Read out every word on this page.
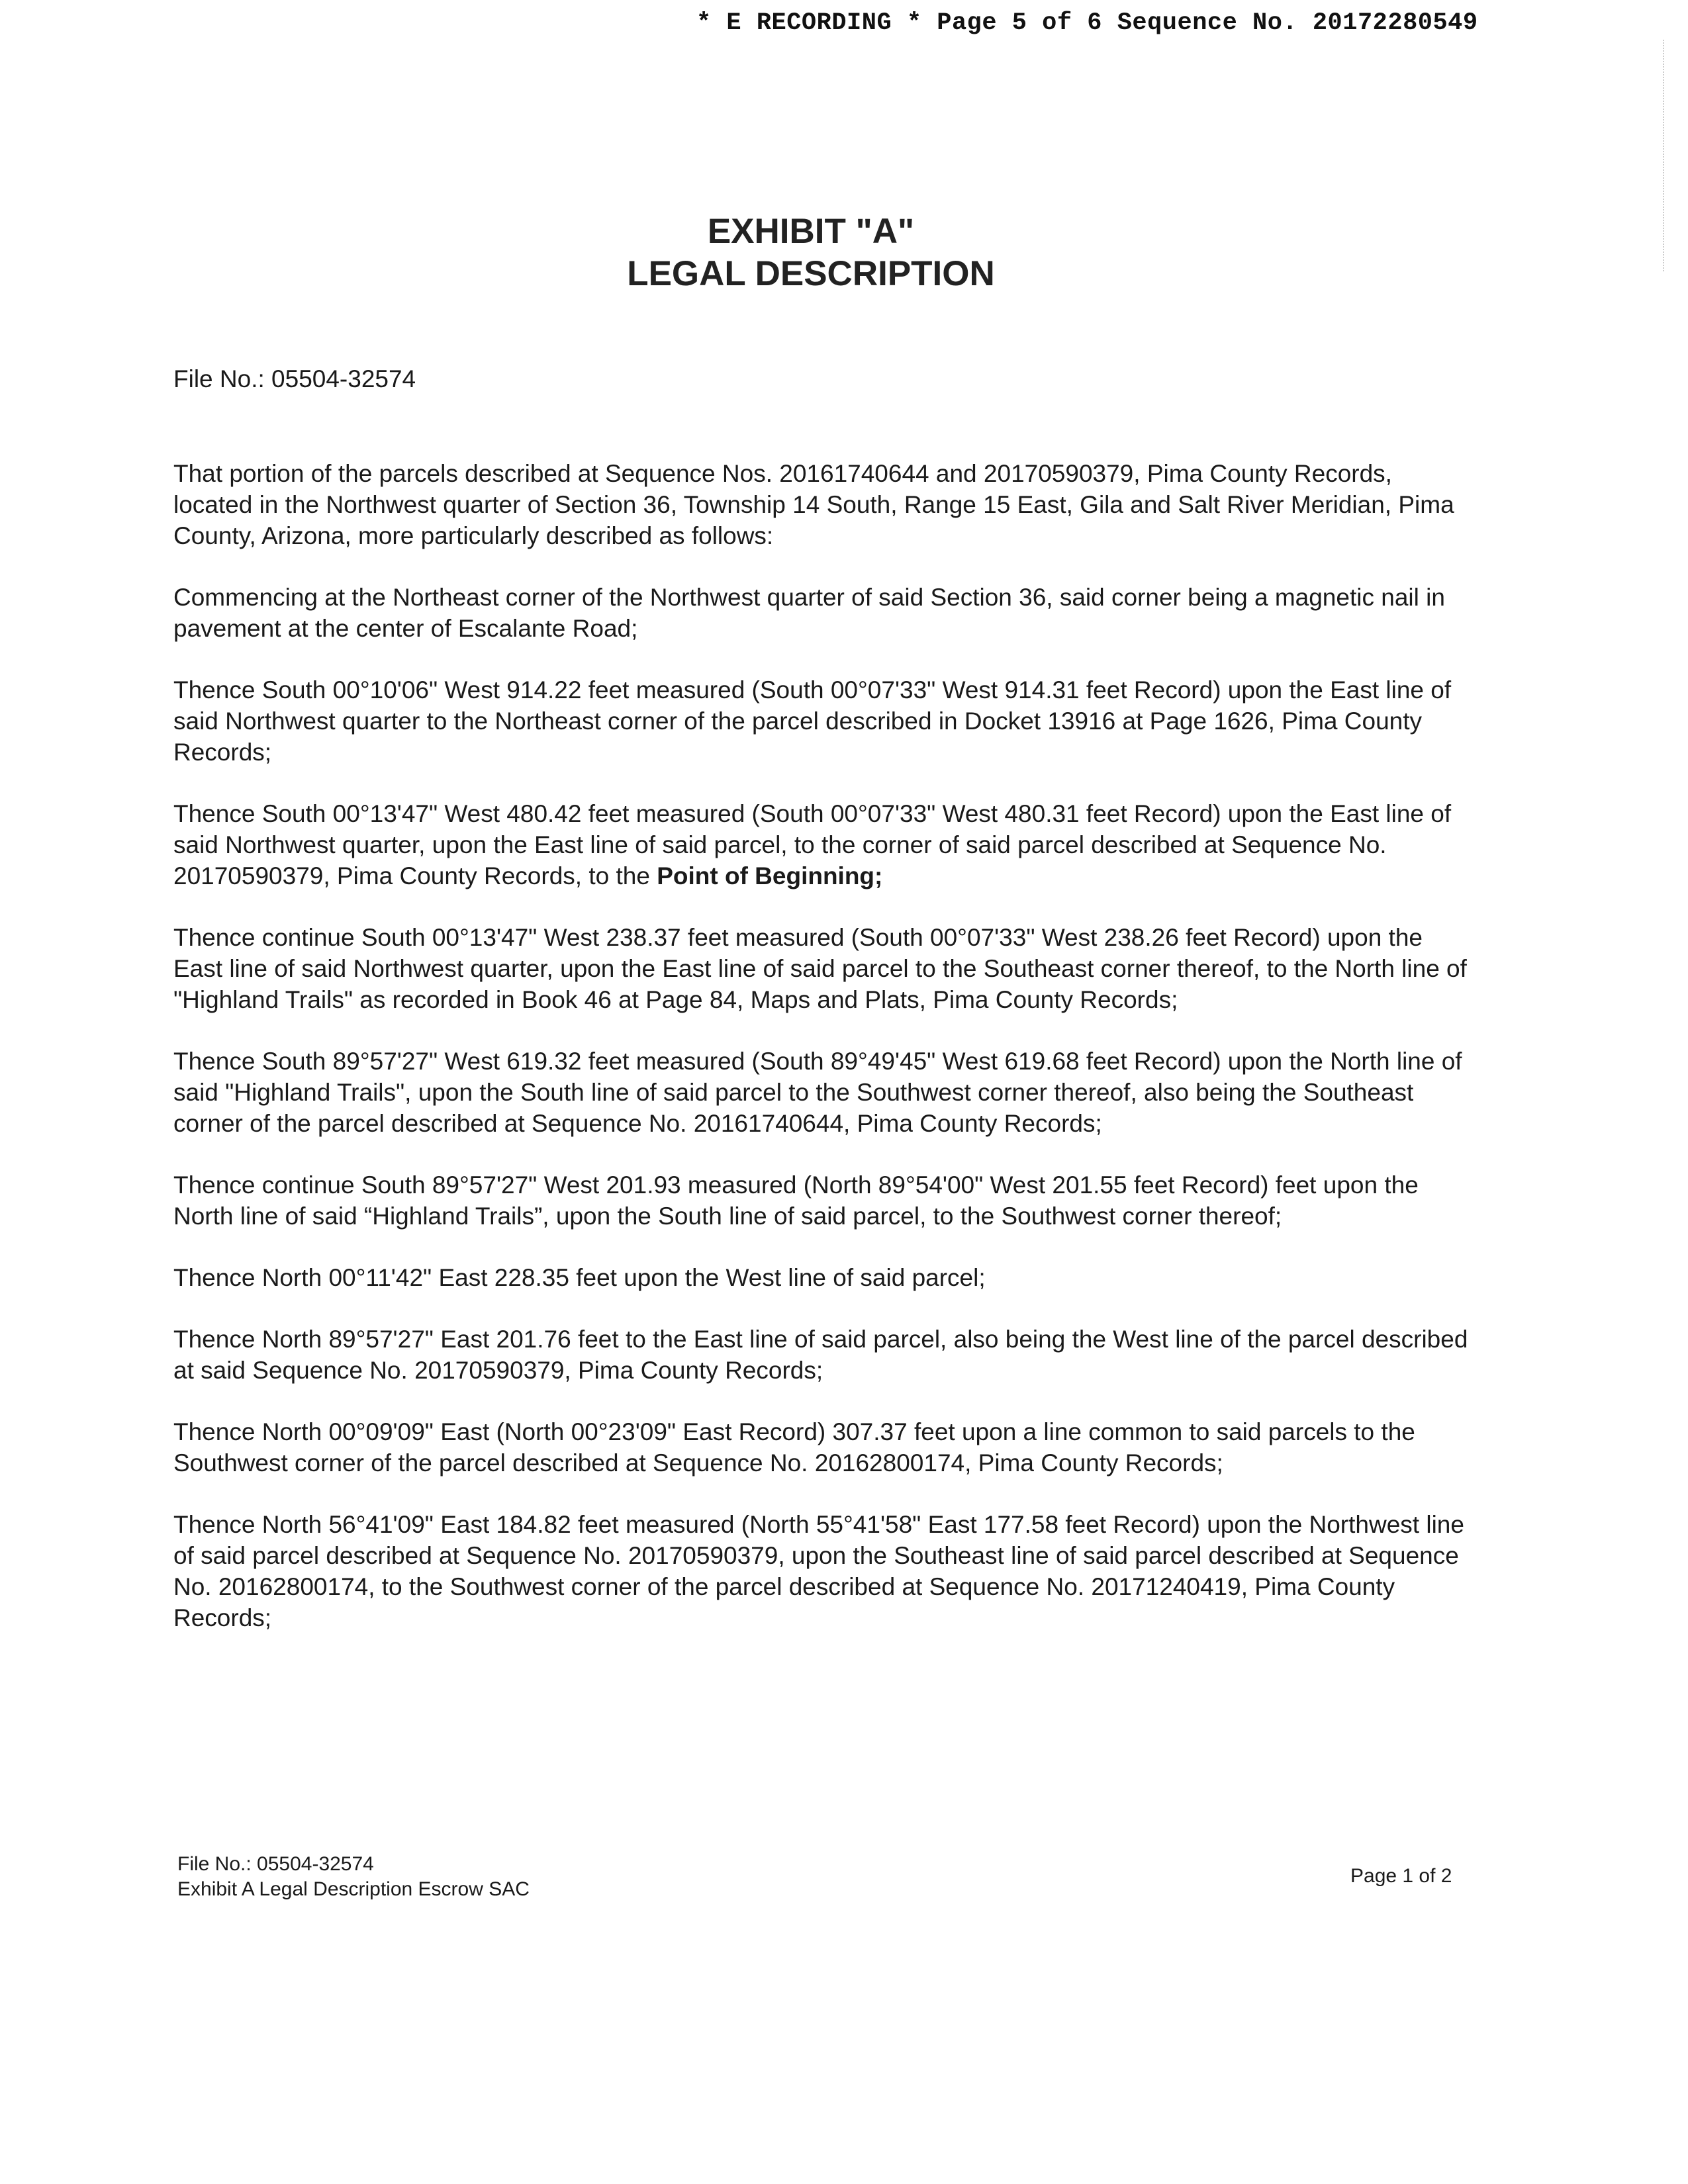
* E RECORDING * Page 5 of 6 Sequence No. 20172280549
EXHIBIT "A"
LEGAL DESCRIPTION
File No.: 05504-32574

That portion of the parcels described at Sequence Nos. 20161740644 and 20170590379, Pima County Records, located in the Northwest quarter of Section 36, Township 14 South, Range 15 East, Gila and Salt River Meridian, Pima County, Arizona, more particularly described as follows:

Commencing at the Northeast corner of the Northwest quarter of said Section 36, said corner being a magnetic nail in pavement at the center of Escalante Road;

Thence South 00°10'06" West 914.22 feet measured (South 00°07'33" West 914.31 feet Record) upon the East line of said Northwest quarter to the Northeast corner of the parcel described in Docket 13916 at Page 1626, Pima County Records;

Thence South 00°13'47" West 480.42 feet measured (South 00°07'33" West 480.31 feet Record) upon the East line of said Northwest quarter, upon the East line of said parcel, to the corner of said parcel described at Sequence No. 20170590379, Pima County Records, to the Point of Beginning;

Thence continue South 00°13'47" West 238.37 feet measured (South 00°07'33" West 238.26 feet Record) upon the East line of said Northwest quarter, upon the East line of said parcel to the Southeast corner thereof, to the North line of "Highland Trails" as recorded in Book 46 at Page 84, Maps and Plats, Pima County Records;

Thence South 89°57'27" West 619.32 feet measured (South 89°49'45" West 619.68 feet Record) upon the North line of said "Highland Trails", upon the South line of said parcel to the Southwest corner thereof, also being the Southeast corner of the parcel described at Sequence No. 20161740644, Pima County Records;

Thence continue South 89°57'27" West 201.93 measured (North 89°54'00" West 201.55 feet Record) feet upon the North line of said “Highland Trails”, upon the South line of said parcel, to the Southwest corner thereof;

Thence North 00°11'42" East 228.35 feet upon the West line of said parcel;

Thence North 89°57'27" East 201.76 feet to the East line of said parcel, also being the West line of the parcel described at said Sequence No. 20170590379, Pima County Records;

Thence North 00°09'09" East (North 00°23'09" East Record) 307.37 feet upon a line common to said parcels to the Southwest corner of the parcel described at Sequence No. 20162800174, Pima County Records;

Thence North 56°41'09" East 184.82 feet measured (North 55°41'58" East 177.58 feet Record) upon the Northwest line of said parcel described at Sequence No. 20170590379, upon the Southeast line of said parcel described at Sequence No. 20162800174, to the Southwest corner of the parcel described at Sequence No. 20171240419, Pima County Records;

File No.: 05504-32574
Exhibit A Legal Description Escrow SAC
Page 1 of 2
